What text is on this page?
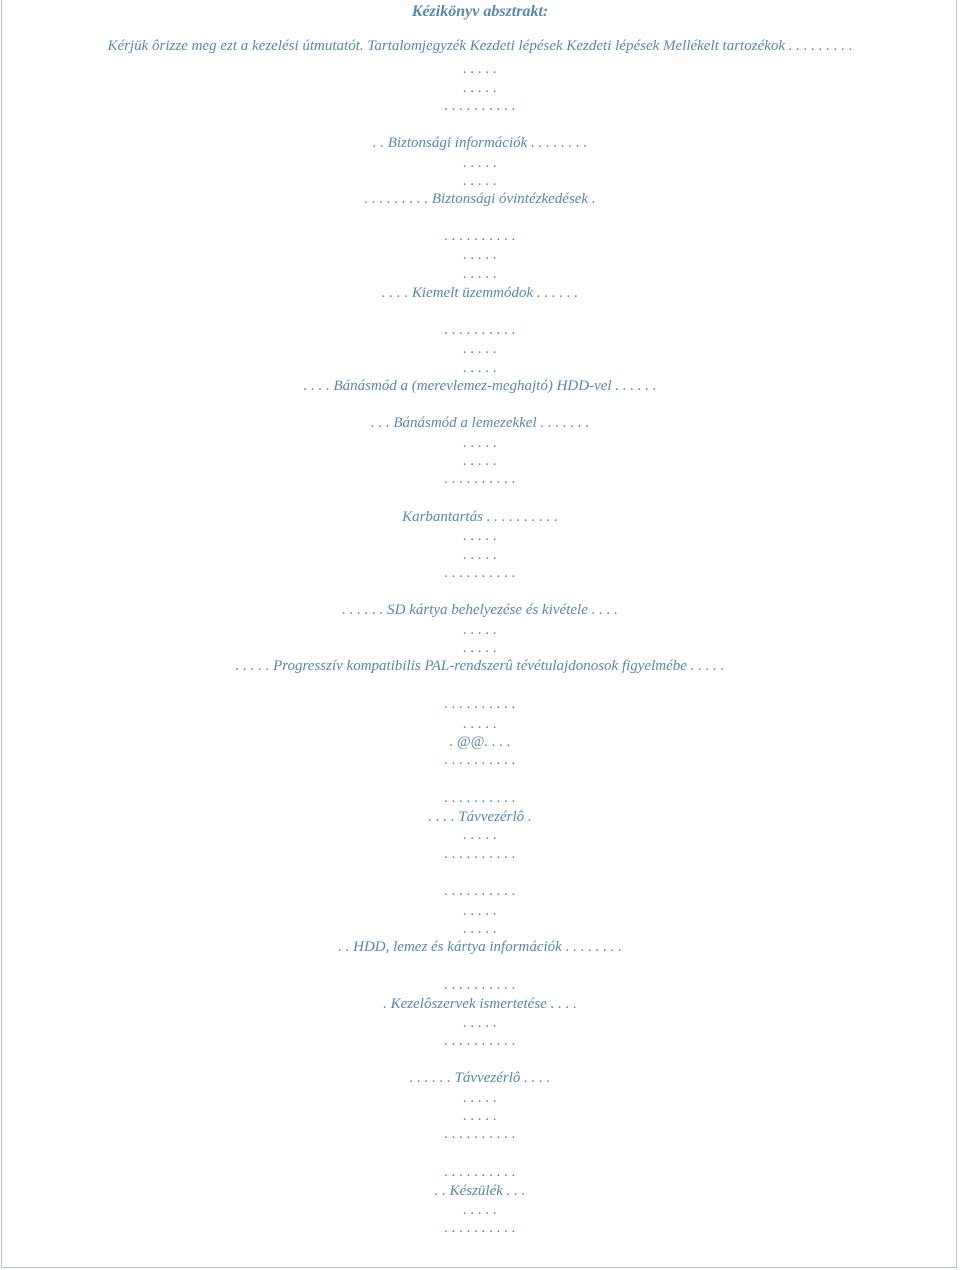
Kézikönyv absztrakt:
Kérjük ôrizze meg ezt a kezelési útmutatót. Tartalomjegyzék Kezdeti lépések Kezdeti lépések Mellékelt tartozékok . . . . . . . . .
. . . . .
. . . . .
. . . . . . . . . .
. . Biztonsági információk . . . . . . . .
. . . . .
. . . . .
. . . . . . . . . Biztonsági óvintézkedések .
. . . . . . . . . .
. . . . .
. . . . .
. . . . Kiemelt üzemmódok . . . . . .
. . . . . . . . . .
. . . . .
. . . . .
. . . . Bánásmód a (merevlemez-meghajtó) HDD-vel . . . . . .
. . . Bánásmód a lemezekkel . . . . . . .
. . . . .
. . . . .
. . . . . . . . . .
Karbantartás . . . . . . . . . .
. . . . .
. . . . .
. . . . . . . . . .
. . . . . . SD kártya behelyezése és kivétele . . . .
. . . . .
. . . . .
. . . . . Progresszív kompatibilis PAL-rendszerû tévétulajdonosok figyelmébe . . . . .
. . . . . . . . . .
. . . . .
. @@. . . .
. . . . . . . . . .
. . . . . . . . . .
. . . . Távvezérlô .
. . . . .
. . . . . . . . . .
. . . . . . . . . .
. . . . .
. . . . .
. . HDD, lemez és kártya információk . . . . . . . .
. . . . . . . . . .
. Kezelôszervek ismertetése . . . .
. . . . .
. . . . . . . . . .
. . . . . . Távvezérlô . . . .
. . . . .
. . . . .
. . . . . . . . . .
. . . . . . . . . .
. . Készülék . . .
. . . . .
. . . . . . . . . .
